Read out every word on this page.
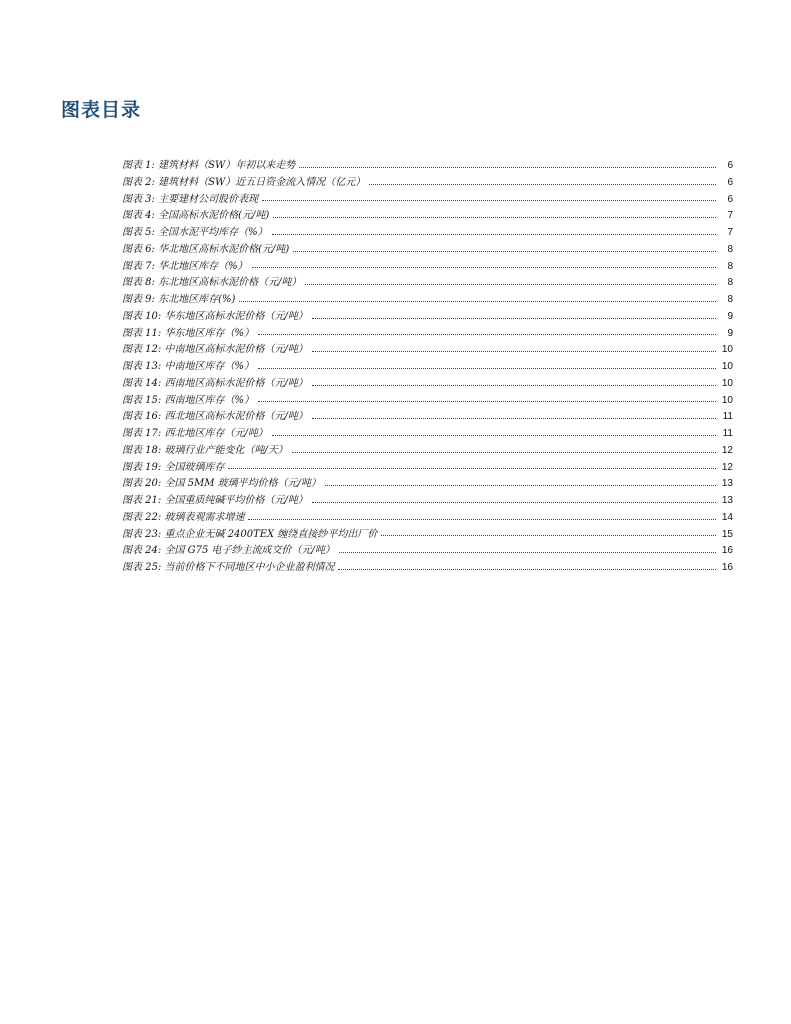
图表目录
图表 1: 建筑材料（SW）年初以来走势	6
图表 2: 建筑材料（SW）近五日资金流入情况（亿元）	6
图表 3: 主要建材公司股价表现	6
图表 4: 全国高标水泥价格(元/吨)	7
图表 5: 全国水泥平均库存（%）	7
图表 6: 华北地区高标水泥价格(元/吨)	8
图表 7: 华北地区库存（%）	8
图表 8: 东北地区高标水泥价格（元/吨）	8
图表 9: 东北地区库存(%)	8
图表 10: 华东地区高标水泥价格（元/吨）	9
图表 11: 华东地区库存（%）	9
图表 12: 中南地区高标水泥价格（元/吨）	10
图表 13: 中南地区库存（%）	10
图表 14: 西南地区高标水泥价格（元/吨）	10
图表 15: 西南地区库存（%）	10
图表 16: 西北地区高标水泥价格（元/吨）	11
图表 17: 西北地区库存（元/吨）	11
图表 18: 玻璃行业产能变化（吨/天）	12
图表 19: 全国玻璃库存	12
图表 20: 全国 5MM 玻璃平均价格（元/吨）	13
图表 21: 全国重质纯碱平均价格（元/吨）	13
图表 22: 玻璃表观需求增速	14
图表 23: 重点企业无碱 2400TEX 缠绕直接纱平均出厂价	15
图表 24: 全国 G75 电子纱主流成交价（元/吨）	16
图表 25: 当前价格下不同地区中小企业盈利情况	16
